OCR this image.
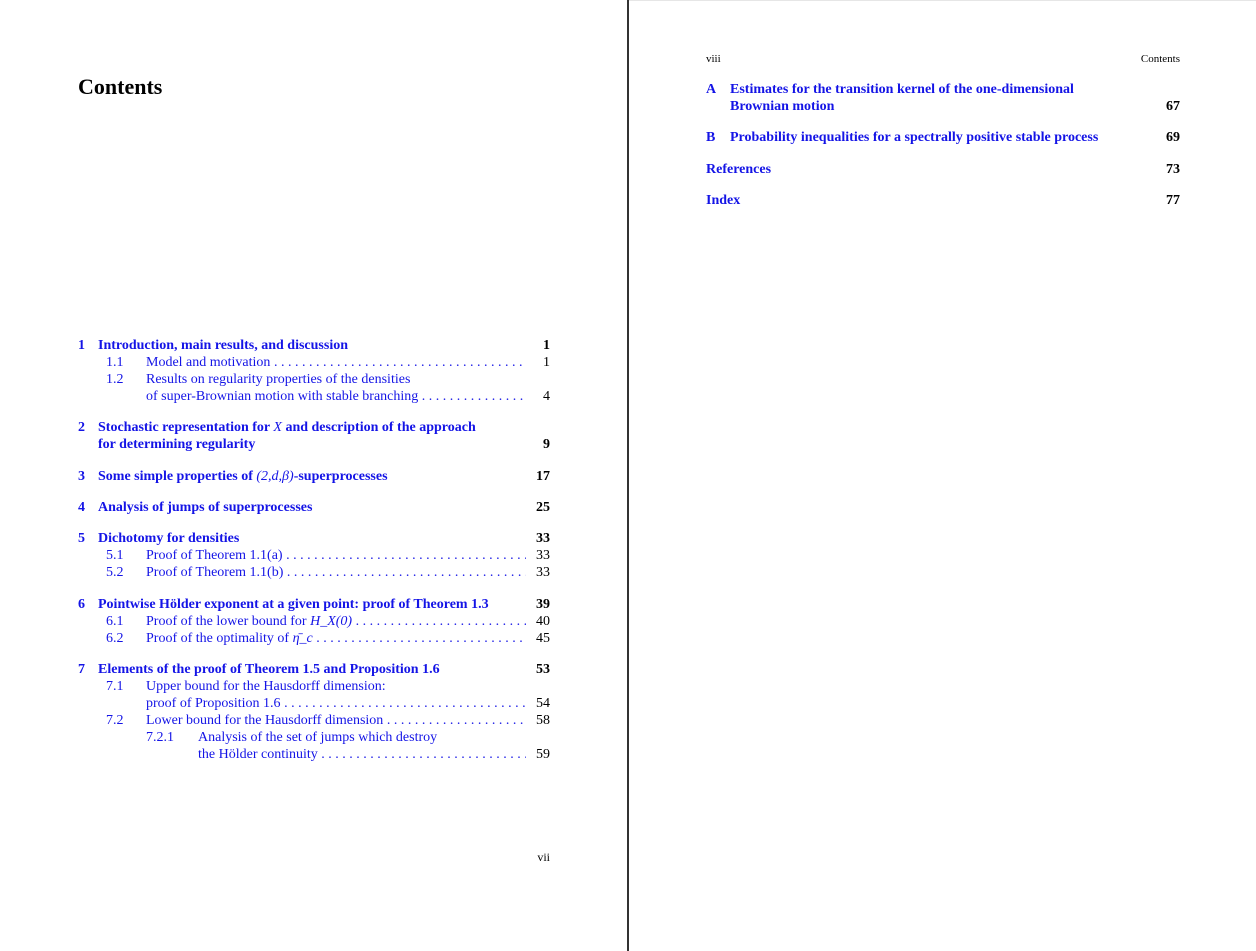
Contents
1 Introduction, main results, and discussion	1
1.1	Model and motivation . . .	1
1.2	Results on regularity properties of the densities
of super-Brownian motion with stable branching . . .	4
2 Stochastic representation for X and description of the approach
for determining regularity	9
3 Some simple properties of (2,d,β)-superprocesses	17
4 Analysis of jumps of superprocesses	25
5 Dichotomy for densities	33
5.1	Proof of Theorem 1.1(a) . . .	33
5.2	Proof of Theorem 1.1(b) . . .	33
6 Pointwise Hölder exponent at a given point: proof of Theorem 1.3	39
6.1	Proof of the lower bound for H_X(0) . . .	40
6.2	Proof of the optimality of η̄_c . . .	45
7 Elements of the proof of Theorem 1.5 and Proposition 1.6	53
7.1	Upper bound for the Hausdorff dimension:
proof of Proposition 1.6 . . .	54
7.2	Lower bound for the Hausdorff dimension . . .	58
7.2.1	Analysis of the set of jumps which destroy
the Hölder continuity . . .	59
vii
viii	Contents
A Estimates for the transition kernel of the one-dimensional
Brownian motion	67
B	Probability inequalities for a spectrally positive stable process	69
References	73
Index	77
